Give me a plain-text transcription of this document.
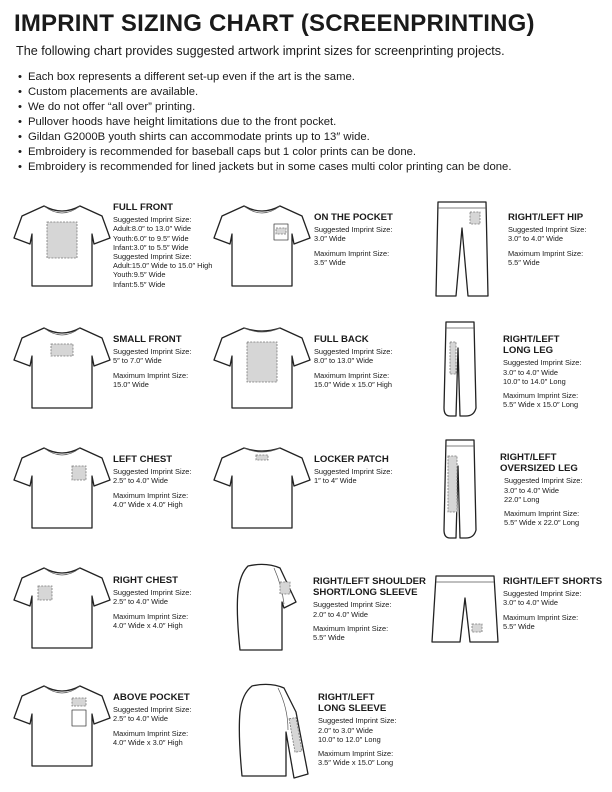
IMPRINT SIZING CHART (SCREENPRINTING)
The following chart provides suggested artwork imprint sizes for screenprinting projects.
• Each box represents a different set-up even if the art is the same.
• Custom placements are available.
• We do not offer “all over” printing.
• Pullover hoods have height limitations due to the front pocket.
• Gildan G2000B youth shirts can accommodate prints up to 13″ wide.
• Embroidery is recommended for baseball caps but 1 color prints can be done.
• Embroidery is recommended for lined jackets but in some cases multi color printing can be done.
FULL FRONT
Suggested Imprint Size:
Adult:8.0″ to 13.0″ Wide
Youth:6.0″ to 9.5″ Wide
Infant:3.0″ to 5.5″ Wide
Suggested Imprint Size:
Adult:15.0″ Wide to 15.0″ High
Youth:9.5″ Wide
Infant:5.5″ Wide
ON THE POCKET
Suggested Imprint Size:
3.0″ Wide
Maximum Imprint Size:
3.5″ Wide
RIGHT/LEFT HIP
Suggested Imprint Size:
3.0″ to 4.0″ Wide
Maximum Imprint Size:
5.5″ Wide
SMALL FRONT
Suggested Imprint Size:
5″ to 7.0″ Wide
Maximum Imprint Size:
15.0″ Wide
FULL BACK
Suggested Imprint Size:
8.0″ to 13.0″ Wide
Maximum Imprint Size:
15.0″ Wide x 15.0″ High
RIGHT/LEFT
LONG LEG
Suggested Imprint Size:
3.0″ to 4.0″ Wide
10.0″ to 14.0″ Long
Maximum Imprint Size:
5.5″ Wide x 15.0″ Long
LEFT CHEST
Suggested Imprint Size:
2.5″ to 4.0″ Wide
Maximum Imprint Size:
4.0″ Wide x 4.0″ High
LOCKER PATCH
Suggested Imprint Size:
1″ to 4″ Wide
RIGHT/LEFT
OVERSIZED LEG
Suggested Imprint Size:
3.0″ to 4.0″ Wide
22.0″ Long
Maximum Imprint Size:
5.5″ Wide x 22.0″ Long
RIGHT CHEST
Suggested Imprint Size:
2.5″ to 4.0″ Wide
Maximum Imprint Size:
4.0″ Wide x 4.0″ High
RIGHT/LEFT SHOULDER
SHORT/LONG SLEEVE
Suggested Imprint Size:
2.0″ to 4.0″ Wide
Maximum Imprint Size:
5.5″ Wide
RIGHT/LEFT SHORTS
Suggested Imprint Size:
3.0″ to 4.0″ Wide
Maximum Imprint Size:
5.5″ Wide
ABOVE POCKET
Suggested Imprint Size:
2.5″ to 4.0″ Wide
Maximum Imprint Size:
4.0″ Wide x 3.0″ High
RIGHT/LEFT
LONG SLEEVE
Suggested Imprint Size:
2.0″ to 3.0″ Wide
10.0″ to 12.0″ Long
Maximum Imprint Size:
3.5″ Wide x 15.0″ Long
